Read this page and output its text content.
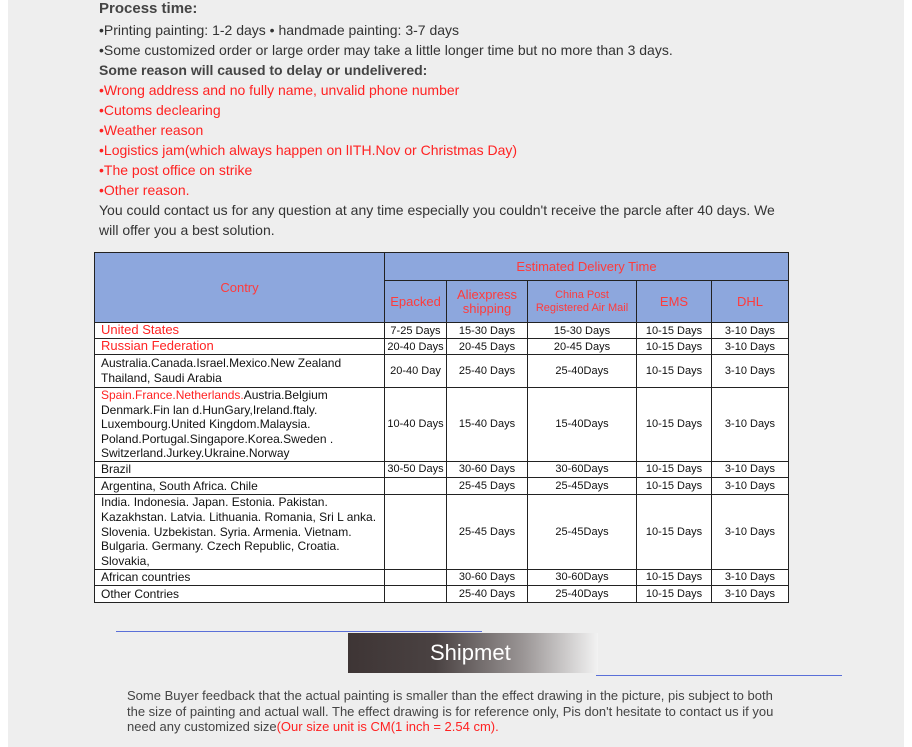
Process time:
•Printing painting: 1-2 days • handmade painting: 3-7 days
•Some customized order or large order may take a little longer time but no more than 3 days.
Some reason will caused to delay or undelivered:
•Wrong address and no fully name, unvalid phone number
•Cutoms declearing
•Weather reason
•Logistics jam(which always happen on lITH.Nov or Christmas Day)
•The post office on strike
•Other reason.
You could contact us for any question at any time especially you couldn't receive the parcle after 40 days. We will offer you a best solution.
Contry	Estimated Delivery Time				
	Epacked	Aliexpress shipping	China Post Registered Air Mail	EMS	DHL
United States	7-25 Days	15-30 Days	15-30 Days	10-15 Days	3-10 Days
Russian Federation	20-40 Days	20-45 Days	20-45 Days	10-15 Days	3-10 Days
Australia.Canada.Israel.Mexico.New Zealand Thailand, Saudi Arabia	20-40 Day	25-40 Days	25-40Days	10-15 Days	3-10 Days
Spain.France.Netherlands.Austria.Belgium Denmark.Fin lan d.HunGary,Ireland.ftaly. Luxembourg.United Kingdom.Malaysia. Poland.Portugal.Singapore.Korea.Sweden . Switzerland.Jurkey.Ukraine.Norway	10-40 Days	15-40 Days	15-40Days	10-15 Days	3-10 Days
Brazil	30-50 Days	30-60 Days	30-60Days	10-15 Days	3-10 Days
Argentina, South Africa. Chile		25-45 Days	25-45Days	10-15 Days	3-10 Days
India. Indonesia. Japan. Estonia. Pakistan. Kazakhstan. Latvia. Lithuania. Romania, Sri L anka. Slovenia. Uzbekistan. Syria. Armenia. Vietnam. Bulgaria. Germany. Czech Republic, Croatia. Slovakia,		25-45 Days	25-45Days	10-15 Days	3-10 Days
African countries		30-60 Days	30-60Days	10-15 Days	3-10 Days
Other Contries		25-40 Days	25-40Days	10-15 Days	3-10 Days
Shipmet
Some Buyer feedback that the actual painting is smaller than the effect drawing in the picture, pis subject to both the size of painting and actual wall. The effect drawing is for reference only, Pis don't hesitate to contact us if you need any customized size(Our size unit is CM(1 inch = 2.54 cm).
